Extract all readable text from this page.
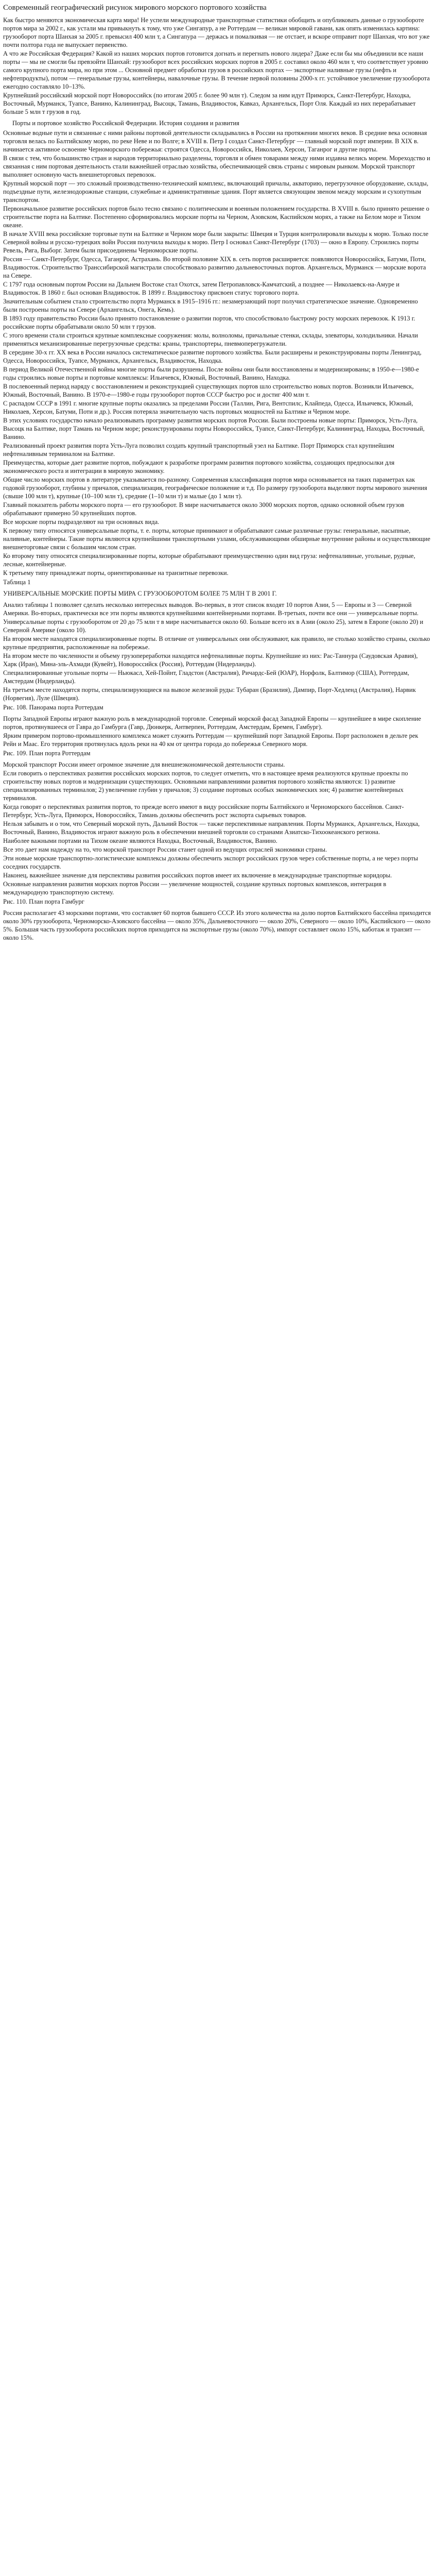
Современный географический рисунок мирового морского портового хозяйства

Как быстро меняются экономическая карта мира! Не успели международные транспортные статистики обобщить и опубликовать данные о грузообороте портов мира за 2002 г., как устали мы привыкнуть к тому, что уже Сингапур, а не Роттердам — великан мировой гавани, как опять изменилась картина: грузооборот порта Шанхая за 2005 г. превысил 400 млн т, а Сингапура — держась и помалкивая — не отстает, и вскоре отправит порт Шанхая, что вот уже почти полтора года не выпускает первенство.

А что же Российская Федерация? Какой из наших морских портов готовится догнать и перегнать нового лидера? Даже если бы мы объединили все наши порты — мы не смогли бы превзойти Шанхай: грузооборот всех российских морских портов в 2005 г. составил около 460 млн т, что соответствует уровню самого крупного порта мира, но при этом ... Основной предмет обработки грузов в российских портах — экспортные наливные грузы (нефть и нефтепродукты), потом — генеральные грузы, контейнеры, навалочные грузы. В течение первой половины 2000-х гг. устойчивое увеличение грузооборота ежегодно составляло 10–13%.

Крупнейший российский морской порт Новороссийск (по итогам 2005 г. более 90 млн т). Следом за ним идут Приморск, Санкт-Петербург, Находка, Восточный, Мурманск, Туапсе, Ванино, Калининград, Высоцк, Тамань, Владивосток, Кавказ, Архангельск, Порт Оля. Каждый из них перерабатывает больше 5 млн т грузов в год.

Порты и портовое хозяйство Российской Федерации. История создания и развития

Основные водные пути и связанные с ними районы портовой деятельности складывались в России на протяжении многих веков. В средние века основная торговля велась по Балтийскому морю, по реке Неве и по Волге; в XVIII в. Петр I создал Санкт-Петербург — главный морской порт империи. В XIX в. начинается активное освоение Черноморского побережья: строятся Одесса, Новороссийск, Николаев, Херсон, Таганрог и другие порты.

В связи с тем, что большинство стран и народов территориально разделены, торговля и обмен товарами между ними издавна велись морем. Мореходство и связанная с ним портовая деятельность стали важнейшей отраслью хозяйства, обеспечивающей связь страны с мировым рынком. Морской транспорт выполняет основную часть внешнеторговых перевозок.

Крупный морской порт — это сложный производственно-технический комплекс, включающий причалы, акваторию, перегрузочное оборудование, склады, подъездные пути, железнодорожные станции, служебные и административные здания. Порт является связующим звеном между морским и сухопутным транспортом.

Первоначальное развитие российских портов было тесно связано с политическим и военным положением государства. В XVIII в. было принято решение о строительстве порта на Балтике. Постепенно сформировались морские порты на Черном, Азовском, Каспийском морях, а также на Белом море и Тихом океане.

В начале XVIII века российские торговые пути на Балтике и Черном море были закрыты: Швеция и Турция контролировали выходы к морю. Только после Северной войны и русско-турецких войн Россия получила выходы к морю. Петр I основал Санкт-Петербург (1703) — окно в Европу. Строились порты Ревель, Рига, Выборг. Затем были присоединены Черноморские порты.

Россия — Санкт-Петербург, Одесса, Таганрог, Астрахань. Во второй половине XIX в. сеть портов расширяется: появляются Новороссийск, Батуми, Поти, Владивосток. Строительство Транссибирской магистрали способствовало развитию дальневосточных портов. Архангельск, Мурманск — морские ворота на Севере.

С 1797 года основным портом России на Дальнем Востоке стал Охотск, затем Петропавловск-Камчатский, а позднее — Николаевск-на-Амуре и Владивосток. В 1860 г. был основан Владивосток. В 1899 г. Владивостоку присвоен статус торгового порта.

Значительным событием стало строительство порта Мурманск в 1915–1916 гг.: незамерзающий порт получил стратегическое значение. Одновременно были построены порты на Севере (Архангельск, Онега, Кемь).

В 1893 году правительство России было принято постановление о развитии портов, что способствовало быстрому росту морских перевозок. К 1913 г. российские порты обрабатывали около 50 млн т грузов.

С этого времени стали строиться крупные комплексные сооружения: молы, волноломы, причальные стенки, склады, элеваторы, холодильники. Начали применяться механизированные перегрузочные средства: краны, транспортеры, пневмоперегружатели.

В середине 30-х гг. XX века в России началось систематическое развитие портового хозяйства. Были расширены и реконструированы порты Ленинград, Одесса, Новороссийск, Туапсе, Мурманск, Архангельск, Владивосток, Находка.

В период Великой Отечественной войны многие порты были разрушены. После войны они были восстановлены и модернизированы; в 1950-е—1980-е годы строились новые порты и портовые комплексы: Ильичевск, Южный, Восточный, Ванино, Находка.

В послевоенный период наряду с восстановлением и реконструкцией существующих портов шло строительство новых портов. Возникли Ильичевск, Южный, Восточный, Ванино. В 1970-е—1980-е годы грузооборот портов СССР быстро рос и достиг 400 млн т.

С распадом СССР в 1991 г. многие крупные порты оказались за пределами России (Таллин, Рига, Вентспилс, Клайпеда, Одесса, Ильичевск, Южный, Николаев, Херсон, Батуми, Поти и др.). Россия потеряла значительную часть портовых мощностей на Балтике и Черном море.

В этих условиях государство начало реализовывать программу развития морских портов России. Были построены новые порты: Приморск, Усть-Луга, Высоцк на Балтике, порт Тамань на Черном море; реконструированы порты Новороссийск, Туапсе, Санкт-Петербург, Калининград, Находка, Восточный, Ванино.

Реализованный проект развития порта Усть-Луга позволил создать крупный транспортный узел на Балтике. Порт Приморск стал крупнейшим нефтеналивным терминалом на Балтике.

Преимущества, которые дает развитие портов, побуждают к разработке программ развития портового хозяйства, создающих предпосылки для экономического роста и интеграции в мировую экономику.

Общие число морских портов в литературе указывается по-разному. Современная классификация портов мира основывается на таких параметрах как годовой грузооборот, глубины у причалов, специализация, географическое положение и т.д. По размеру грузооборота выделяют порты мирового значения (свыше 100 млн т), крупные (10–100 млн т), средние (1–10 млн т) и малые (до 1 млн т).

Главный показатель работы морского порта — его грузооборот. В мире насчитывается около 3000 морских портов, однако основной объем грузов обрабатывают примерно 50 крупнейших портов.

Все морские порты подразделяют на три основных вида.

К первому типу относятся универсальные порты, т. е. порты, которые принимают и обрабатывают самые различные грузы: генеральные, насыпные, наливные, контейнеры. Такие порты являются крупнейшими транспортными узлами, обслуживающими обширные внутренние районы и осуществляющие внешнеторговые связи с большим числом стран.

Ко второму типу относятся специализированные порты, которые обрабатывают преимущественно один вид груза: нефтеналивные, угольные, рудные, лесные, контейнерные.

К третьему типу принадлежат порты, ориентированные на транзитные перевозки.

Таблица 1

УНИВЕРСАЛЬНЫЕ МОРСКИЕ ПОРТЫ МИРА С ГРУЗООБОРОТОМ БОЛЕЕ 75 МЛН Т В 2001 Г.

Анализ таблицы 1 позволяет сделать несколько интересных выводов. Во-первых, в этот список входят 10 портов Азии, 5 — Европы и 3 — Северной Америки. Во-вторых, практически все эти порты являются крупнейшими контейнерными портами. В-третьих, почти все они — универсальные порты.

Универсальные порты с грузооборотом от 20 до 75 млн т в мире насчитывается около 60. Больше всего их в Азии (около 25), затем в Европе (около 20) и Северной Америке (около 10).

На втором месте находятся специализированные порты. В отличие от универсальных они обслуживают, как правило, не столько хозяйство страны, сколько крупные предприятия, расположенные на побережье.

На втором месте по численности и объему грузопереработки находятся нефтеналивные порты. Крупнейшие из них: Рас-Таннура (Саудовская Аравия), Харк (Иран), Мина-эль-Ахмади (Кувейт), Новороссийск (Россия), Роттердам (Нидерланды).

Специализированные угольные порты — Ньюкасл, Хей-Пойнт, Гладстон (Австралия), Ричардс-Бей (ЮАР), Норфолк, Балтимор (США), Роттердам, Амстердам (Нидерланды).

На третьем месте находятся порты, специализирующиеся на вывозе железной руды: Тубаран (Бразилия), Дампир, Порт-Хедленд (Австралия), Нарвик (Норвегия), Луле (Швеция).

Рис. 108. Панорама порта Роттердам

Порты Западной Европы играют важную роль в международной торговле. Северный морской фасад Западной Европы — крупнейшее в мире скопление портов, протянувшееся от Гавра до Гамбурга (Гавр, Дюнкерк, Антверпен, Роттердам, Амстердам, Бремен, Гамбург).

Ярким примером портово-промышленного комплекса может служить Роттердам — крупнейший порт Западной Европы. Порт расположен в дельте рек Рейн и Маас. Его территория протянулась вдоль реки на 40 км от центра города до побережья Северного моря.

Рис. 109. План порта Роттердам

Морской транспорт России имеет огромное значение для внешнеэкономической деятельности страны.

Если говорить о перспективах развития российских морских портов, то следует отметить, что в настоящее время реализуются крупные проекты по строительству новых портов и модернизации существующих. Основными направлениями развития портового хозяйства являются: 1) развитие специализированных терминалов; 2) увеличение глубин у причалов; 3) создание портовых особых экономических зон; 4) развитие контейнерных терминалов.

Когда говорят о перспективах развития портов, то прежде всего имеют в виду российские порты Балтийского и Черноморского бассейнов. Санкт-Петербург, Усть-Луга, Приморск, Новороссийск, Тамань должны обеспечить рост экспорта сырьевых товаров.

Нельзя забывать и о том, что Северный морской путь, Дальний Восток — также перспективные направления. Порты Мурманск, Архангельск, Находка, Восточный, Ванино, Владивосток играют важную роль в обеспечении внешней торговли со странами Азиатско-Тихоокеанского региона.

Наиболее важными портами на Тихом океане являются Находка, Восточный, Владивосток, Ванино.

Все это дает нам надежду на то, что морской транспорт России станет одной из ведущих отраслей экономики страны.

Эти новые морские транспортно-логистические комплексы должны обеспечить экспорт российских грузов через собственные порты, а не через порты соседних государств.

Наконец, важнейшее значение для перспективы развития российских портов имеет их включение в международные транспортные коридоры.

Основные направления развития морских портов России — увеличение мощностей, создание крупных портовых комплексов, интеграция в международную транспортную систему.

Рис. 110. План порта Гамбург

Россия располагает 43 морскими портами, что составляет 60 портов бывшего СССР. Из этого количества на долю портов Балтийского бассейна приходится около 30% грузооборота, Черноморско-Азовского бассейна — около 35%, Дальневосточного — около 20%, Северного — около 10%, Каспийского — около 5%. Большая часть грузооборота российских портов приходится на экспортные грузы (около 70%), импорт составляет около 15%, каботаж и транзит — около 15%.
